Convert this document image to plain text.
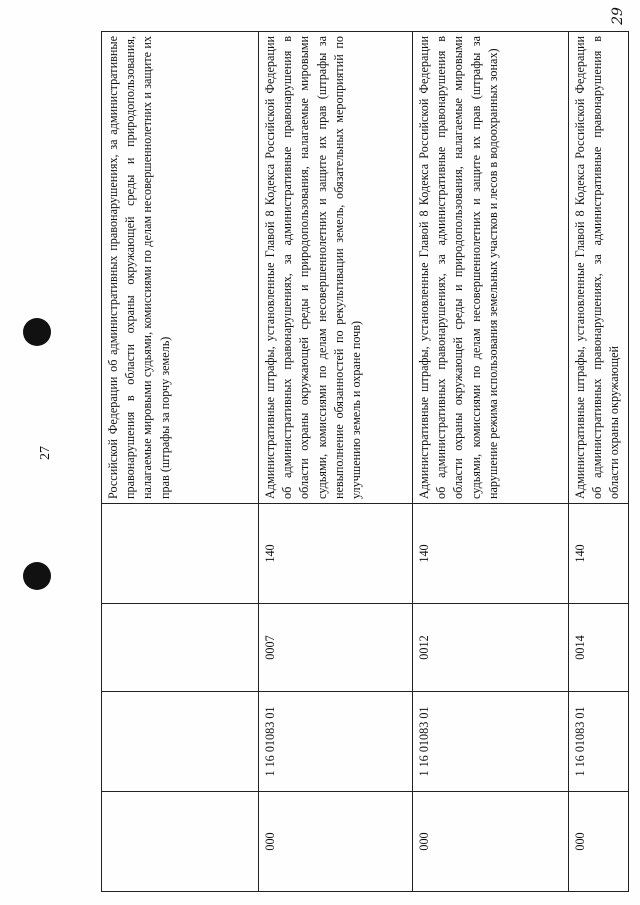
27
29
				Российской Федерации об административных правонарушениях, за административные правонарушения в области охраны окружающей среды и природопользования, налагаемые мировыми судьями, комиссиями по делам несовершеннолетних и защите их прав (штрафы за порчу земель)
000	1 16 01083 01	0007	140	Административные штрафы, установленные Главой 8 Кодекса Российской Федерации об административных правонарушениях, за административные правонарушения в области охраны окружающей среды и природопользования, налагаемые мировыми судьями, комиссиями по делам несовершеннолетних и защите их прав (штрафы за невыполнение обязанностей по рекультивации земель, обязательных мероприятий по улучшению земель и охране почв)
000	1 16 01083 01	0012	140	Административные штрафы, установленные Главой 8 Кодекса Российской Федерации об административных правонарушениях, за административные правонарушения в области охраны окружающей среды и природопользования, налагаемые мировыми судьями, комиссиями по делам несовершеннолетних и защите их прав (штрафы за нарушение режима использования земельных участков и лесов в водоохранных зонах)
000	1 16 01083 01	0014	140	Административные штрафы, установленные Главой 8 Кодекса Российской Федерации об административных правонарушениях, за административные правонарушения в области охраны окружающей
